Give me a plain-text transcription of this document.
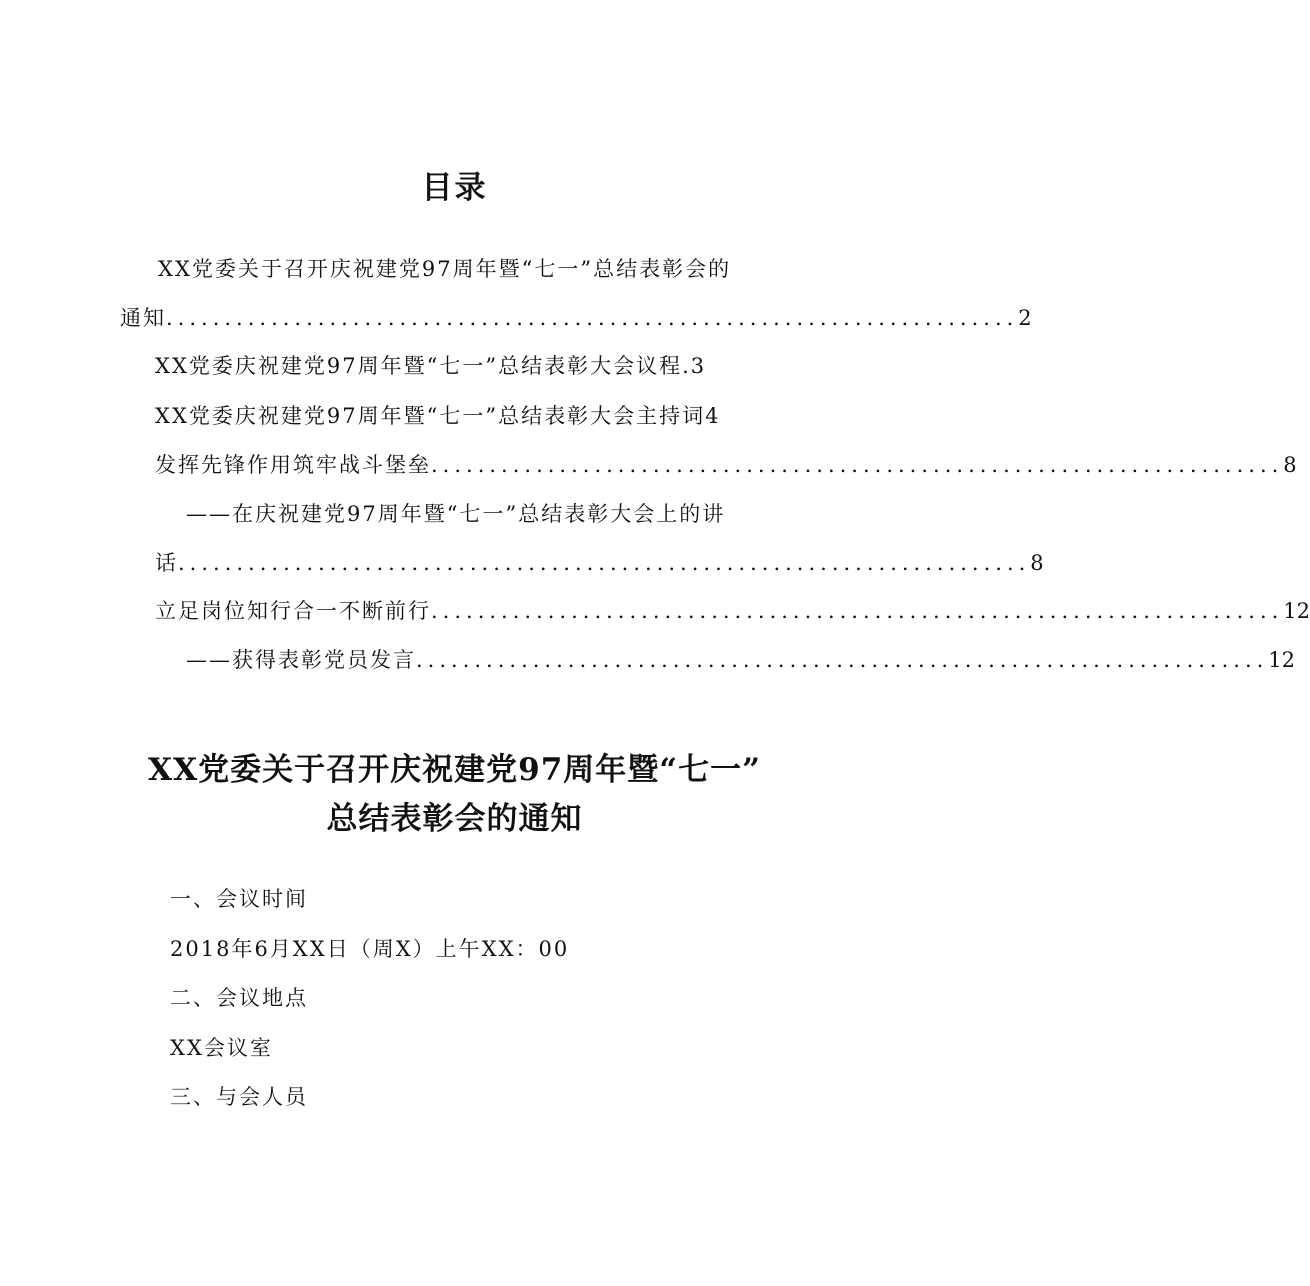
目录
XX党委关于召开庆祝建党97周年暨“七一”总结表彰会的
通知 ......................................................................... 2
XX党委庆祝建党97周年暨“七一”总结表彰大会议程.3
XX党委庆祝建党97周年暨“七一”总结表彰大会主持词4
发挥先锋作用筑牢战斗堡垒 ......................................................................... 8
——在庆祝建党97周年暨“七一”总结表彰大会上的讲
话 ......................................................................... 8
立足岗位知行合一不断前行 ......................................................................... 12
——获得表彰党员发言 ......................................................................... 12
XX党委关于召开庆祝建党97周年暨“七一”
总结表彰会的通知
一、会议时间
2018年6月XX日（周X）上午XX：00
二、会议地点
XX会议室
三、与会人员
